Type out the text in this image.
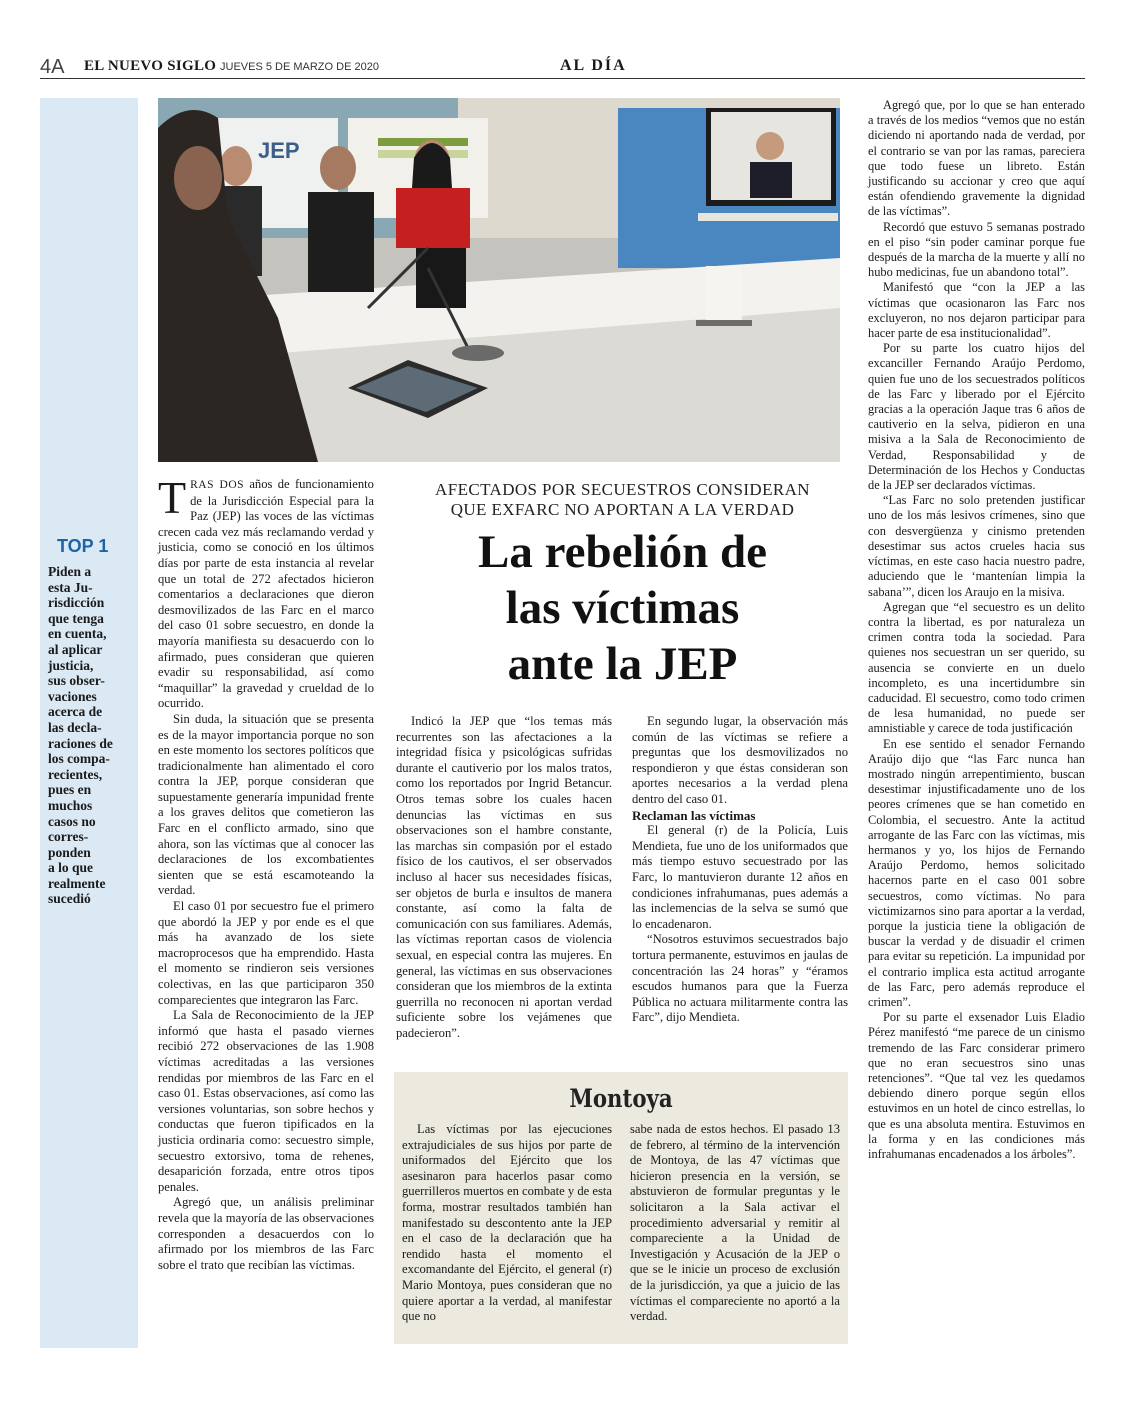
4A EL NUEVO SIGLO JUEVES 5 DE MARZO DE 2020	AL DÍA
TOP 1
Piden a
esta Ju-
risdicción
que tenga
en cuenta,
al aplicar
justicia,
sus obser-
vaciones
acerca de
las decla-
raciones de
los compa-
recientes,
pues en
muchos
casos no
corres-
ponden
a lo que
realmente
sucedió
JEP

TRAS DOS años de funcionamiento de la Jurisdicción Especial para la Paz (JEP) las voces de las víctimas crecen cada vez más reclamando verdad y justicia, como se conoció en los últimos días por parte de esta instancia al revelar que un total de 272 afectados hicieron comentarios a declaraciones que dieron desmovilizados de las Farc en el marco del caso 01 sobre secuestro, en donde la mayoría manifiesta su desacuerdo con lo afirmado, pues consideran que quieren evadir su responsabilidad, así como “maquillar” la gravedad y crueldad de lo ocurrido.

Sin duda, la situación que se presenta es de la mayor importancia porque no son en este momento los sectores políticos que tradicionalmente han alimentado el coro contra la JEP, porque consideran que supuestamente generaría impunidad frente a los graves delitos que cometieron las Farc en el conflicto armado, sino que ahora, son las víctimas que al conocer las declaraciones de los excombatientes sienten que se está escamoteando la verdad.

El caso 01 por secuestro fue el primero que abordó la JEP y por ende es el que más ha avanzado de los siete macroprocesos que ha emprendido. Hasta el momento se rindieron seis versiones colectivas, en las que participaron 350 comparecientes que integraron las Farc.

La Sala de Reconocimiento de la JEP informó que hasta el pasado viernes recibió 272 observaciones de las 1.908 víctimas acreditadas a las versiones rendidas por miembros de las Farc en el caso 01. Estas observaciones, así como las versiones voluntarias, son sobre hechos y conductas que fueron tipificados en la justicia ordinaria como: secuestro simple, secuestro extorsivo, toma de rehenes, desaparición forzada, entre otros tipos penales.

Agregó que, un análisis preliminar revela que la mayoría de las observaciones corresponden a desacuerdos con lo afirmado por los miembros de las Farc sobre el trato que recibían las víctimas.

AFECTADOS POR SECUESTROS CONSIDERAN
QUE EXFARC NO APORTAN A LA VERDAD
La rebelión de
las víctimas
ante la JEP

Indicó la JEP que “los temas más recurrentes son las afectaciones a la integridad física y psicológicas sufridas durante el cautiverio por los malos tratos, como los reportados por Ingrid Betancur. Otros temas sobre los cuales hacen denuncias las víctimas en sus observaciones son el hambre constante, las marchas sin compasión por el estado físico de los cautivos, el ser observados incluso al hacer sus necesidades físicas, ser objetos de burla e insultos de manera constante, así como la falta de comunicación con sus familiares. Además, las víctimas reportan casos de violencia sexual, en especial contra las mujeres. En general, las víctimas en sus observaciones consideran que los miembros de la extinta guerrilla no reconocen ni aportan verdad suficiente sobre los vejámenes que padecieron”.

En segundo lugar, la observación más común de las víctimas se refiere a preguntas que los desmovilizados no respondieron y que éstas consideran son aportes necesarios a la verdad plena dentro del caso 01.

Reclaman las víctimas

El general (r) de la Policía, Luis Mendieta, fue uno de los uniformados que más tiempo estuvo secuestrado por las Farc, lo mantuvieron durante 12 años en condiciones infrahumanas, pues además a las inclemencias de la selva se sumó que lo encadenaron.

“Nosotros estuvimos secuestrados bajo tortura permanente, estuvimos en jaulas de concentración las 24 horas” y “éramos escudos humanos para que la Fuerza Pública no actuara militarmente contra las Farc”, dijo Mendieta.

Agregó que, por lo que se han enterado a través de los medios “vemos que no están diciendo ni aportando nada de verdad, por el contrario se van por las ramas, pareciera que todo fuese un libreto. Están justificando su accionar y creo que aquí están ofendiendo gravemente la dignidad de las víctimas”.

Recordó que estuvo 5 semanas postrado en el piso “sin poder caminar porque fue después de la marcha de la muerte y allí no hubo medicinas, fue un abandono total”.

Manifestó que “con la JEP a las víctimas que ocasionaron las Farc nos excluyeron, no nos dejaron participar para hacer parte de esa institucionalidad”.

Por su parte los cuatro hijos del excanciller Fernando Araújo Perdomo, quien fue uno de los secuestrados políticos de las Farc y liberado por el Ejército gracias a la operación Jaque tras 6 años de cautiverio en la selva, pidieron en una misiva a la Sala de Reconocimiento de Verdad, Responsabilidad y de Determinación de los Hechos y Conductas de la JEP ser declarados víctimas.

“Las Farc no solo pretenden justificar uno de los más lesivos crímenes, sino que con desvergüenza y cinismo pretenden desestimar sus actos crueles hacia sus víctimas, en este caso hacia nuestro padre, aduciendo que le ‘mantenían limpia la sabana’”, dicen los Araujo en la misiva.

Agregan que “el secuestro es un delito contra la libertad, es por naturaleza un crimen contra toda la sociedad. Para quienes nos secuestran un ser querido, su ausencia se convierte en un duelo incompleto, es una incertidumbre sin caducidad. El secuestro, como todo crimen de lesa humanidad, no puede ser amnistiable y carece de toda justificación

En ese sentido el senador Fernando Araújo dijo que “las Farc nunca han mostrado ningún arrepentimiento, buscan desestimar injustificadamente uno de los peores crímenes que se han cometido en Colombia, el secuestro. Ante la actitud arrogante de las Farc con las víctimas, mis hermanos y yo, los hijos de Fernando Araújo Perdomo, hemos solicitado hacernos parte en el caso 001 sobre secuestros, como víctimas. No para victimizarnos sino para aportar a la verdad, porque la justicia tiene la obligación de buscar la verdad y de disuadir el crimen para evitar su repetición. La impunidad por el contrario implica esta actitud arrogante de las Farc, pero además reproduce el crimen”.

Por su parte el exsenador Luis Eladio Pérez manifestó “me parece de un cinismo tremendo de las Farc considerar primero que no eran secuestros sino unas retenciones”. “Que tal vez les quedamos debiendo dinero porque según ellos estuvimos en un hotel de cinco estrellas, lo que es una absoluta mentira. Estuvimos en la forma y en las condiciones más infrahumanas encadenados a los árboles”.

Montoya

Las víctimas por las ejecuciones extrajudiciales de sus hijos por parte de uniformados del Ejército que los asesinaron para hacerlos pasar como guerrilleros muertos en combate y de esta forma, mostrar resultados también han manifestado su descontento ante la JEP en el caso de la declaración que ha rendido hasta el momento el excomandante del Ejército, el general (r) Mario Montoya, pues consideran que no quiere aportar a la verdad, al manifestar que no

sabe nada de estos hechos. El pasado 13 de febrero, al término de la intervención de Montoya, de las 47 víctimas que hicieron presencia en la versión, se abstuvieron de formular preguntas y le solicitaron a la Sala activar el procedimiento adversarial y remitir al compareciente a la Unidad de Investigación y Acusación de la JEP o que se le inicie un proceso de exclusión de la jurisdicción, ya que a juicio de las víctimas el compareciente no aportó a la verdad.
